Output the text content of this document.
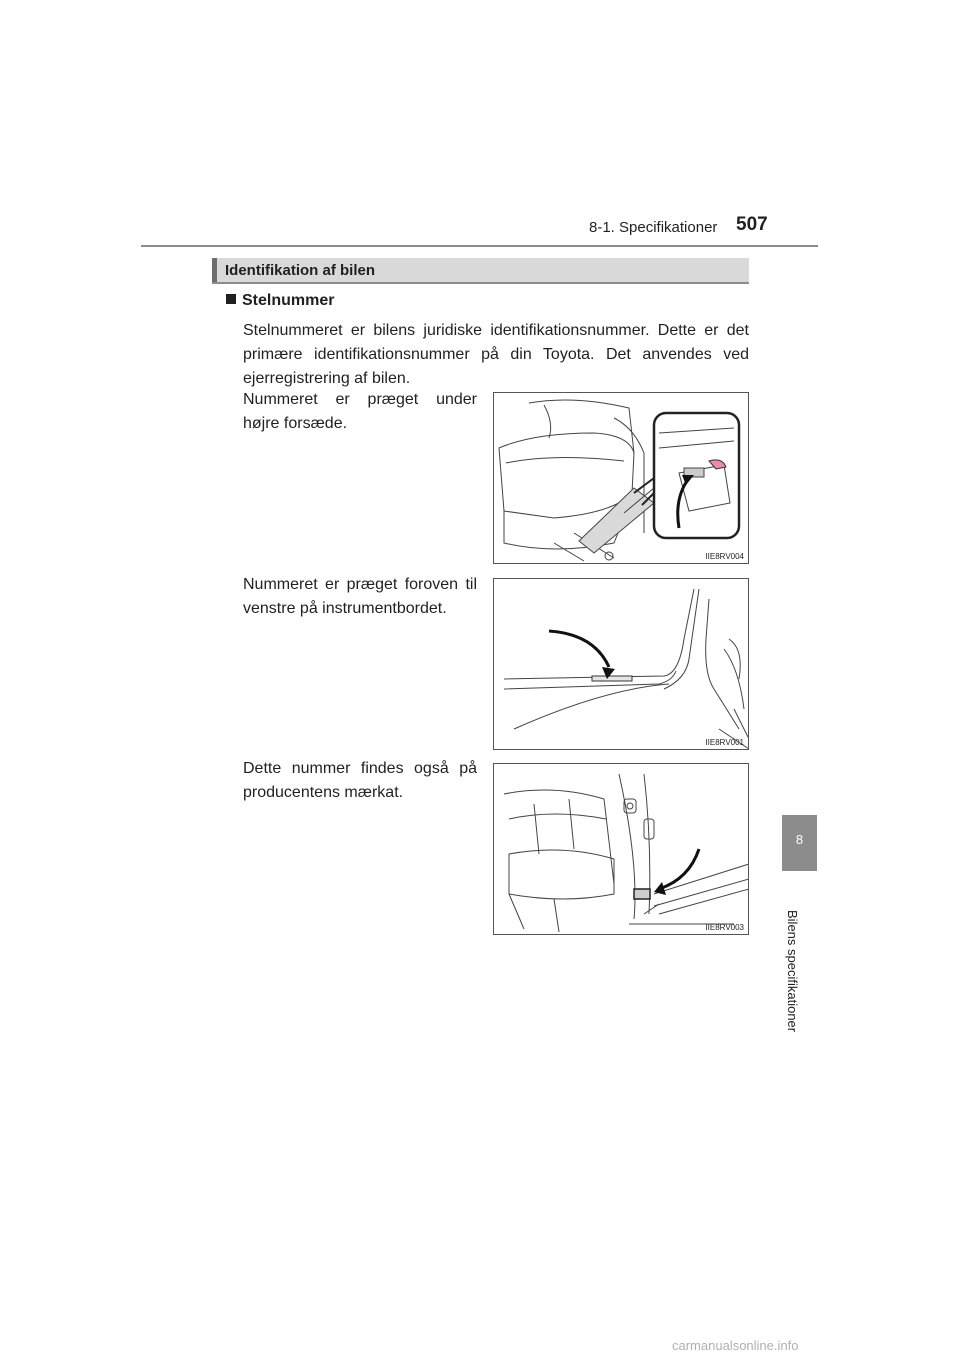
8-1. Specifikationer 507
Identifikation af bilen
Stelnummer
Stelnummeret er bilens juridiske identifikationsnummer. Dette er det primære identifikationsnummer på din Toyota. Det anvendes ved ejerregistrering af bilen.
Nummeret er præget under højre forsæde.
Nummeret er præget foroven til venstre på instrumentbordet.
Dette nummer findes også på producentens mærkat.
IIE8RV004
IIE8RV001
IIE8RV003
8
Bilens specifikationer
carmanualsonline.info
